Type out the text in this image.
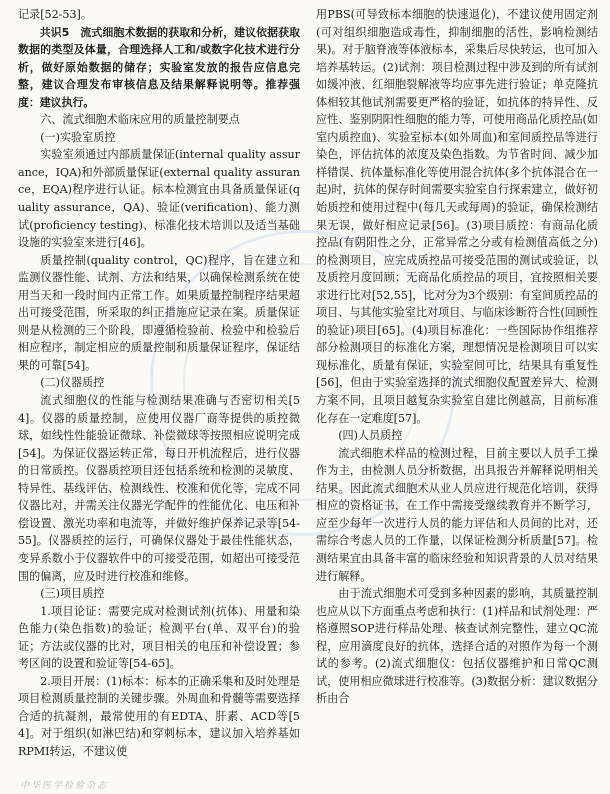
记录[52-53]。

共识5　流式细胞术数据的获取和分析，建议依据获取数据的类型及体量，合理选择人工和/或数字化技术进行分析，做好原始数据的储存；实验室发放的报告应信息完整，建议合理发布审核信息及结果解释说明等。推荐强度：建议执行。

六、流式细胞术临床应用的质量控制要点

(一)实验室质控

实验室须通过内部质量保证(internal quality assurance，IQA)和外部质量保证(external quality assurance，EQA)程序进行认证。标本检测宜由具备质量保证(quality assurance，QA)、验证(verification)、能力测试(proficiency testing)、标准化技术培训以及适当基础设施的实验室来进行[46]。

质量控制(quality control，QC)程序，旨在建立和监测仪器性能、试剂、方法和结果，以确保检测系统在使用当天和一段时间内正常工作。如果质量控制程序结果超出可接受范围，所采取的纠正措施应记录在案。质量保证则是从检测的三个阶段，即遵循检验前、检验中和检验后相应程序，制定相应的质量控制和质量保证程序，保证结果的可靠[54]。

(二)仪器质控

流式细胞仪的性能与检测结果准确与否密切相关[54]。仪器的质量控制，应使用仪器厂商等提供的质控微球，如线性性能验证微球、补偿微球等按照相应说明完成[54]。为保证仪器运转正常，每日开机流程后，进行仪器的日常质控。仪器质控项目还包括系统和检测的灵敏度、特异性、基线评估、检测线性、校准和优化等，完成不同仪器比对，并需关注仪器光学配件的性能优化、电压和补偿设置、激光功率和电流等，并做好维护保养记录等[54-55]。仪器质控的运行，可确保仪器处于最佳性能状态，变异系数小于仪器软件中的可接受范围，如超出可接受范围的偏离，应及时进行校准和维修。

(三)项目质控

1.项目论证：需要完成对检测试剂(抗体)、用量和染色能力(染色指数)的验证；检测平台(单、双平台)的验证；方法或仪器的比对，项目相关的电压和补偿设置；参考区间的设置和验证等[54-65]。

2.项目开展：(1)标本：标本的正确采集和及时处理是项目检测质量控制的关键步骤。外周血和骨髓等需要选择合适的抗凝剂，最常使用的有EDTA、肝素、ACD等[54]。对于组织(如淋巴结)和穿刺标本，建议加入培养基如RPMI转运，不建议使

用PBS(可导致标本细胞的快速退化)，不建议使用固定剂(可对组织细胞造成毒性，抑制细胞的活性，影响检测结果)。对于脑脊液等体液标本，采集后尽快转运，也可加入培养基转运。(2)试剂：项目检测过程中涉及到的所有试剂如缓冲液、红细胞裂解液等均应事先进行验证；单克隆抗体相较其他试剂需要更严格的验证，如抗体的特异性、反应性、鉴别阴阳性细胞的能力等，可使用商品化质控品(如室内质控血)、实验室标本(如外周血)和室间质控品等进行染色，评估抗体的浓度及染色指数。为节省时间、减少加样错误、抗体量标准化等使用混合抗体(多个抗体混合在一起)时，抗体的保存时间需要实验室自行探索建立，做好初始质控和使用过程中(每几天或每周)的验证，确保检测结果无误，做好相应记录[56]。(3)项目质控：有商品化质控品(有阴阳性之分，正常异常之分或有检测值高低之分)的检测项目，应完成质控品可接受范围的测试或验证，以及质控月度回顾；无商品化质控品的项目，宜按照相关要求进行比对[52,55]，比对分为3个级别：有室间质控品的项目、与其他实验室比对项目、与临床诊断符合性(回顾性的验证)项目[65]。(4)项目标准化：一些国际协作组推荐部分检测项目的标准化方案，理想情况是检测项目可以实现标准化，质量有保证，实验室间可比，结果具有重复性[56]，但由于实验室选择的流式细胞仪配置差异大、检测方案不同，且项目越复杂实验室自建比例越高，目前标准化存在一定难度[57]。

(四)人员质控

流式细胞术样品的检测过程，目前主要以人员手工操作为主，由检测人员分析数据，出具报告并解释说明相关结果。因此流式细胞术从业人员应进行规范化培训，获得相应的资格证书，在工作中需接受继续教育并不断学习，应至少每年一次进行人员的能力评估和人员间的比对，还需综合考虑人员的工作量，以保证检测分析质量[57]。检测结果宜由具备丰富的临床经验和知识背景的人员对结果进行解释。

由于流式细胞术可受到多种因素的影响，其质量控制也应从以下方面重点考虑和执行：(1)样品和试剂处理：严格遵照SOP进行样品处理、核查试剂完整性，建立QC流程，应用滴度良好的抗体，选择合适的对照作为每一个测试的参考。(2)流式细胞仪：包括仪器维护和日常QC测试，使用相应微球进行校准等。(3)数据分析：建议数据分析由合

中华医学检验杂志
